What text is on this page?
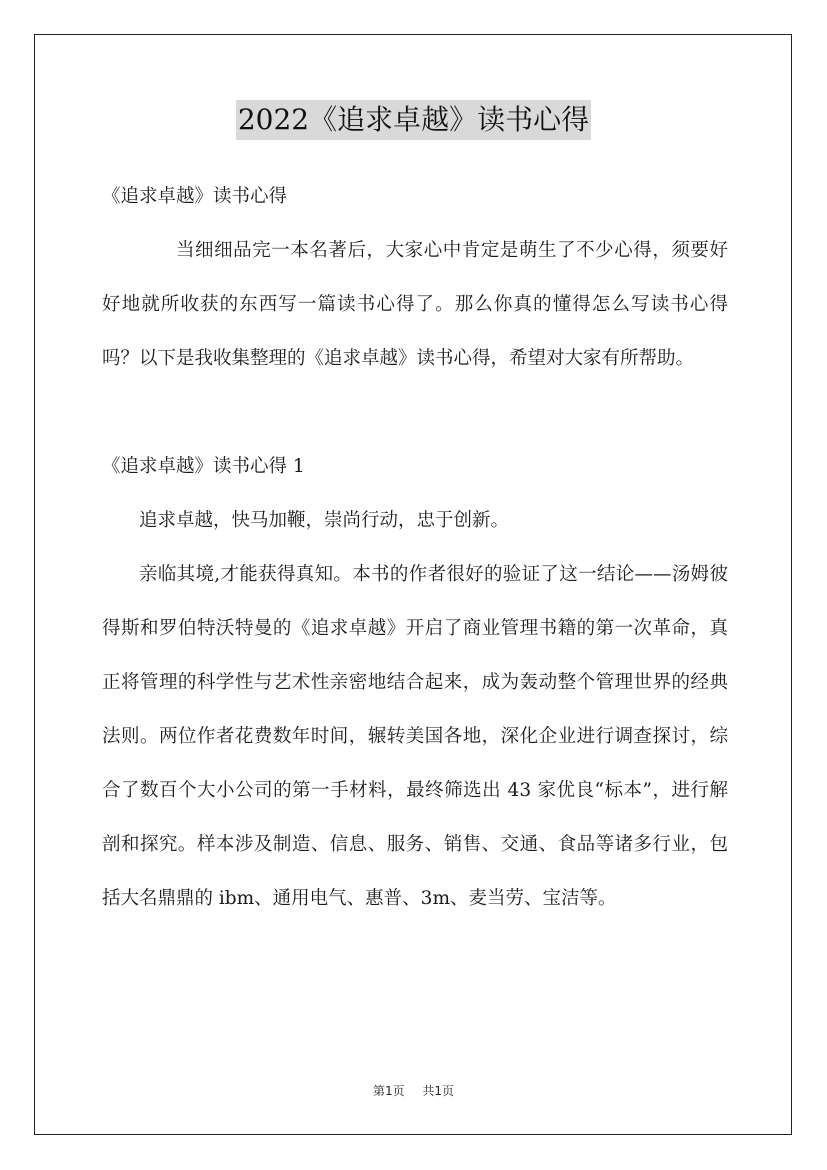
2022《追求卓越》读书心得

《追求卓越》读书心得

当细细品完一本名著后，大家心中肯定是萌生了不少心得，须要好好地就所收获的东西写一篇读书心得了。那么你真的懂得怎么写读书心得吗？以下是我收集整理的《追求卓越》读书心得，希望对大家有所帮助。

《追求卓越》读书心得 1

追求卓越，快马加鞭，崇尚行动，忠于创新。

亲临其境,才能获得真知。本书的作者很好的验证了这一结论——汤姆彼得斯和罗伯特沃特曼的《追求卓越》开启了商业管理书籍的第一次革命，真正将管理的科学性与艺术性亲密地结合起来，成为轰动整个管理世界的经典法则。两位作者花费数年时间，辗转美国各地，深化企业进行调查探讨，综合了数百个大小公司的第一手材料，最终筛选出 43 家优良“标本”，进行解剖和探究。样本涉及制造、信息、服务、销售、交通、食品等诸多行业，包括大名鼎鼎的 ibm、通用电气、惠普、3m、麦当劳、宝洁等。

第1页 共1页
